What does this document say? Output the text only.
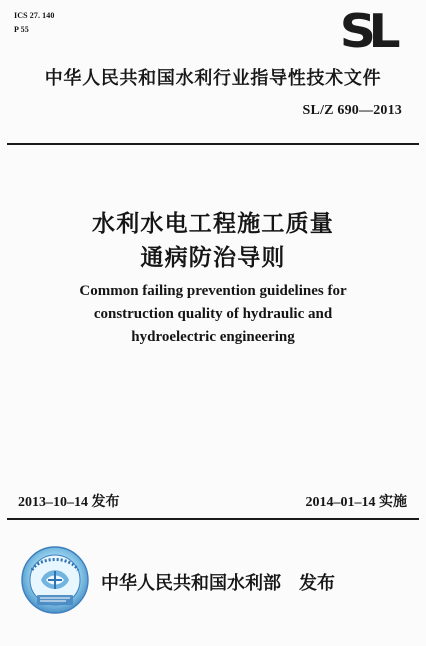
ICS 27. 140
P 55	SL
中华人民共和国水利行业指导性技术文件
SL/Z 690—2013
水利水电工程施工质量
通病防治导则
Common failing prevention guidelines for
construction quality of hydraulic and
hydroelectric engineering
2013–10–14 发布	2014–01–14 实施
中华人民共和国水利部 发布
